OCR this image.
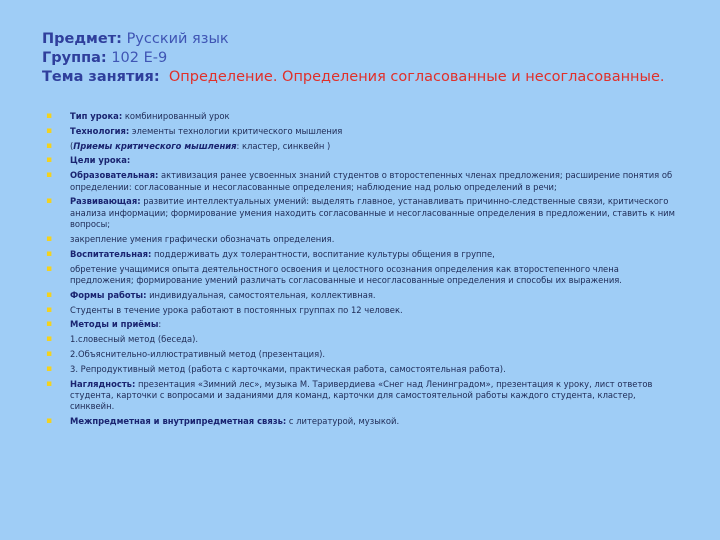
Предмет: Русский язык
Группа: 102 Е-9
Тема занятия: Определение. Определения согласованные и несогласованные.
▪ Тип урока: комбинированный урок
▪ Технология: элементы технологии критического мышления
▪ (Приемы критического мышления: кластер, синквейн )
▪ Цели урока:
▪ Образовательная: активизация ранее усвоенных знаний студентов о второстепенных членах предложения; расширение понятия об определении: согласованные и несогласованные определения; наблюдение над ролью определений в речи;
▪ Развивающая: развитие интеллектуальных умений: выделять главное, устанавливать причинно-следственные связи, критического анализа информации; формирование умения находить согласованные и несогласованные определения в предложении, ставить к ним вопросы;
▪ закрепление умения графически обозначать определения.
▪ Воспитательная: поддерживать дух толерантности, воспитание культуры общения в группе,
▪ обретение учащимися опыта деятельностного освоения и целостного осознания определения как второстепенного члена предложения; формирование умений различать согласованные и несогласованные определения и способы их выражения.
▪ Формы работы: индивидуальная, самостоятельная, коллективная.
▪ Студенты в течение урока работают в постоянных группах по 12 человек.
▪ Методы и приёмы:
▪ 1.словесный метод (беседа).
▪ 2.Объяснительно-иллюстративный метод (презентация).
▪ 3. Репродуктивный метод (работа с карточками, практическая работа, самостоятельная работа).
▪ Наглядность: презентация «Зимний лес», музыка М. Таривердиева «Снег над Ленинградом», презентация к уроку, лист ответов студента, карточки с вопросами и заданиями для команд, карточки для самостоятельной работы каждого студента, кластер, синквейн.
▪ Межпредметная и внутрипредметная связь: с литературой, музыкой.
